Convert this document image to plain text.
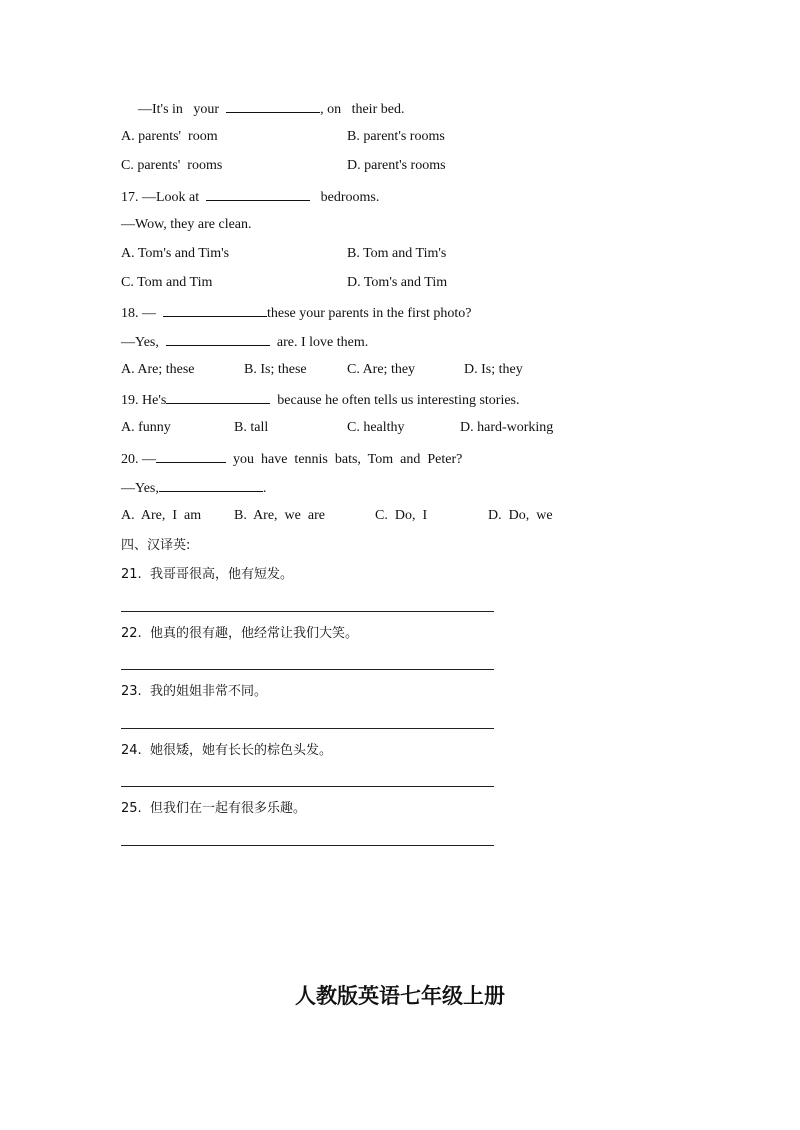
—It's in   your	, on   their bed.
A. parents'  room	B. parent's rooms
C. parents'  rooms	D. parent's rooms
17. —Look at	bedrooms.
—Wow, they are clean.
A. Tom's and Tim's	B. Tom and Tim's
C. Tom and Tim	D. Tom's and Tim
18. —	these your parents in the first photo?
—Yes,	are. I love them.
A. Are; these	B. Is; these	C. Are; they	D. Is; they
19. He's	because he often tells us interesting stories.
A. funny	B. tall	C. healthy	D. hard-working
20. —	you  have  tennis  bats,  Tom  and  Peter?
—Yes,	.
A.  Are,  I  am B.  Are,  we  are	C.  Do,  I	D.  Do,  we
四、汉译英:
21.  我哥哥很高，他有短发。
22.  他真的很有趣，他经常让我们大笑。
23.  我的姐姐非常不同。
24.  她很矮，她有长长的棕色头发。
25.  但我们在一起有很多乐趣。
人教版英语七年级上册
